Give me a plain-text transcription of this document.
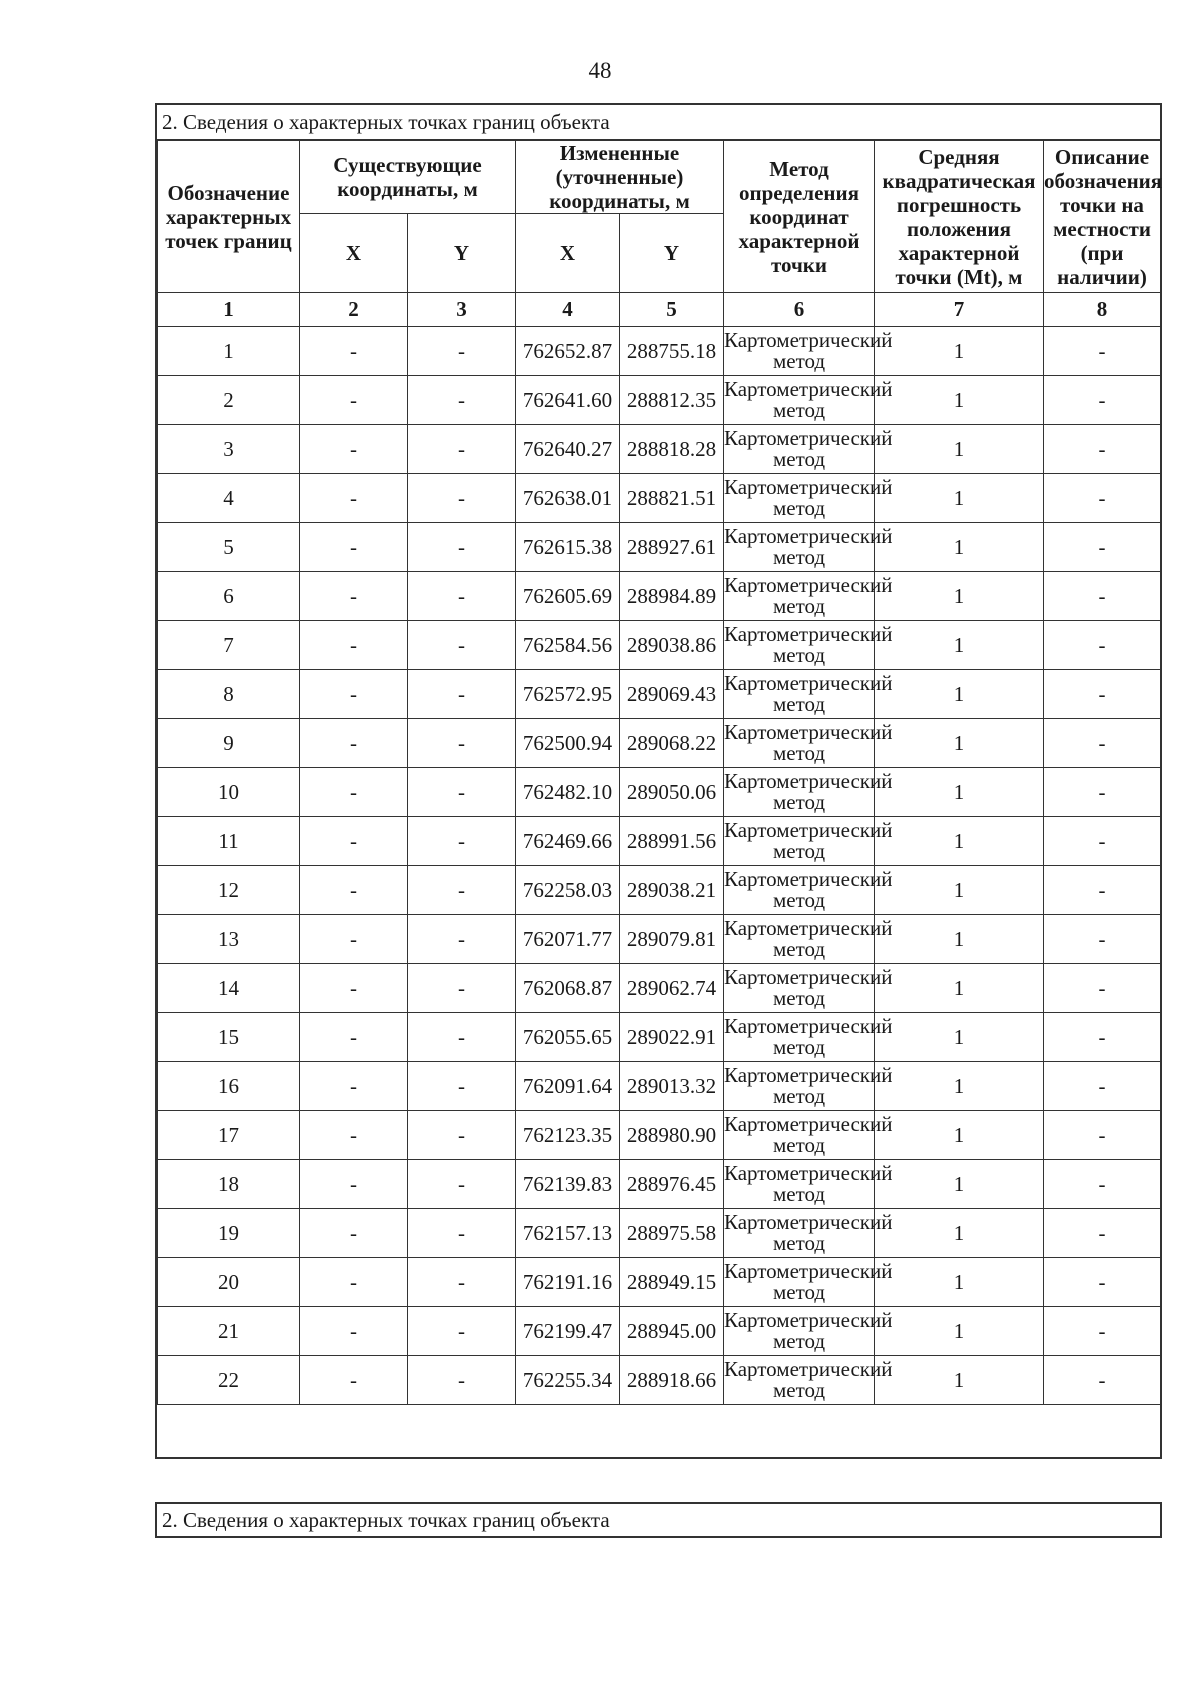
48
2. Сведения о характерных точках границ объекта
Обозначение характерных точек границ	Существующие координаты, м		Измененные (уточненные) координаты, м		Метод определения координат характерной точки	Средняя квадратическая погрешность положения характерной точки (Mt), м	Описание обозначения точки на местности (при наличии)
	X	Y	X	Y			
1	2	3	4	5	6	7	8
1	-	-	762652.87	288755.18	Картометрический метод	1	-
2	-	-	762641.60	288812.35	Картометрический метод	1	-
3	-	-	762640.27	288818.28	Картометрический метод	1	-
4	-	-	762638.01	288821.51	Картометрический метод	1	-
5	-	-	762615.38	288927.61	Картометрический метод	1	-
6	-	-	762605.69	288984.89	Картометрический метод	1	-
7	-	-	762584.56	289038.86	Картометрический метод	1	-
8	-	-	762572.95	289069.43	Картометрический метод	1	-
9	-	-	762500.94	289068.22	Картометрический метод	1	-
10	-	-	762482.10	289050.06	Картометрический метод	1	-
11	-	-	762469.66	288991.56	Картометрический метод	1	-
12	-	-	762258.03	289038.21	Картометрический метод	1	-
13	-	-	762071.77	289079.81	Картометрический метод	1	-
14	-	-	762068.87	289062.74	Картометрический метод	1	-
15	-	-	762055.65	289022.91	Картометрический метод	1	-
16	-	-	762091.64	289013.32	Картометрический метод	1	-
17	-	-	762123.35	288980.90	Картометрический метод	1	-
18	-	-	762139.83	288976.45	Картометрический метод	1	-
19	-	-	762157.13	288975.58	Картометрический метод	1	-
20	-	-	762191.16	288949.15	Картометрический метод	1	-
21	-	-	762199.47	288945.00	Картометрический метод	1	-
22	-	-	762255.34	288918.66	Картометрический метод	1	-
2. Сведения о характерных точках границ объекта
